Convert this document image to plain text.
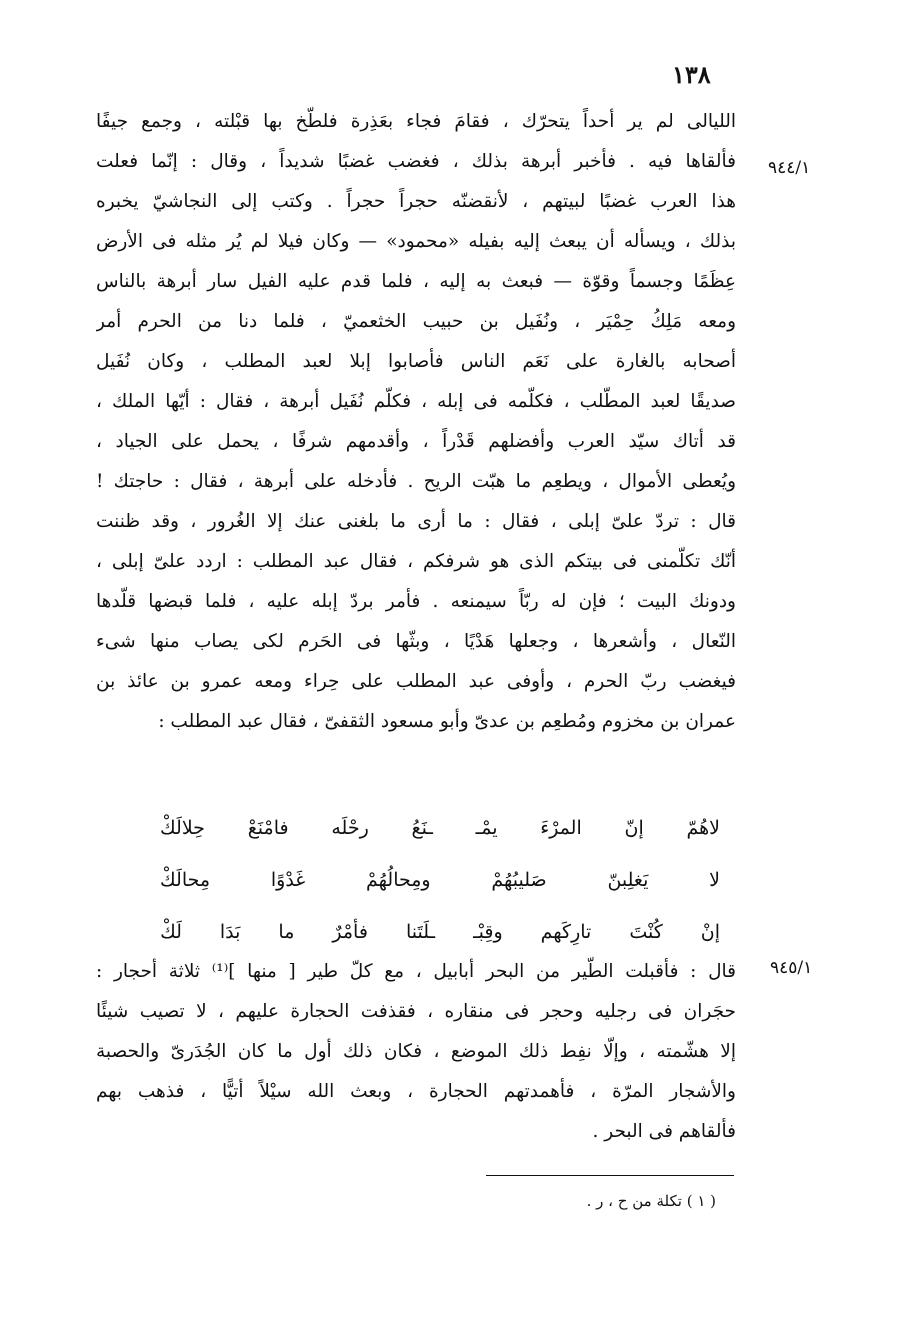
١٣٨
٩٤٤/١
٩٤٥/١
الليالى لم ير أحداً يتحرّك ، فقامَ فجاء بعَذِرة فلطّخ بها قبْلته ، وجمع جيفًا
فألقاها فيه . فأخبر أبرهة بذلك ، فغضب غضبًا شديداً ، وقال : إنّما فعلت
هذا العرب غضبًا لبيتهم ، لأنقضنّه حجراً حجراً . وكتب إلى النجاشيّ يخبره
بذلك ، ويسأله أن يبعث إليه بفيله «محمود» — وكان فيلا لم يُر مثله فى الأرض
عِظَمًا وجسماً وقوّة — فبعث به إليه ، فلما قدم عليه الفيل سار أبرهة بالناس
ومعه مَلِكُ حِمْيَر ، ونُفَيل بن حبيب الخثعميّ ، فلما دنا من الحرم أمر
أصحابه بالغارة على نَعَم الناس فأصابوا إبلا لعبد المطلب ، وكان نُفَيل
صديقًا لعبد المطّلب ، فكلّمه فى إبله ، فكلّم نُفَيل أبرهة ، فقال : أيّها الملك ،
قد أتاك سيّد العرب وأفضلهم قَدْراً ، وأقدمهم شرفًا ، يحمل على الجياد ،
ويُعطى الأموال ، ويطعِم ما هبّت الريح . فأدخله على أبرهة ، فقال : حاجتك !
قال : تردّ علىّ إبلى ، فقال : ما أرى ما بلغنى عنك إلا الغُرور ، وقد ظننت
أنّك تكلّمنى فى بيتكم الذى هو شرفكم ، فقال عبد المطلب : اردد علىّ إبلى ،
ودونك البيت ؛ فإن له ربّاً سيمنعه . فأمر بردّ إبله عليه ، فلما قبضها قلّدها
النّعال ، وأشعرها ، وجعلها هَدْيًا ، وبثّها فى الحَرم لكى يصاب منها شىء
فيغضب ربّ الحرم ، وأوفى عبد المطلب على حِراء ومعه عمرو بن عائذ بن
عمران بن مخزوم ومُطعِم بن عدىّ وأبو مسعود الثقفىّ ، فقال عبد المطلب :
لاهُمّ
إنّ
المرْءَ
يمْـ
ـنَعُ
رحْلَه
فامْنَعْ
حِلالَكْ
لا
يَغلِبنّ
صَليبُهُمْ
ومِحالُهُمْ
غَدْوًا
مِحالَكْ
إنْ
كُنْتَ
تارِكَهم
وقِبْـ
ـلَتَنا
فأمْرٌ
ما
بَدَا
لَكْ
قال : فأقبلت الطّير من البحر أبابيل ، مع كلّ طير [ منها ]⁽¹⁾ ثلاثة أحجار :
حجَران فى رجليه وحجر فى منقاره ، فقذفت الحجارة عليهم ، لا تصيب شيئًا
إلا هشّمته ، وإلّا نفِط ذلك الموضع ، فكان ذلك أول ما كان الجُدَرىّ والحصبة
والأشجار المرّة ، فأهمدتهم الحجارة ، وبعث الله سيْلاً أتيًّا ، فذهب بهم
فألقاهم فى البحر .
( ١ ) تكلة من ح ، ر .
